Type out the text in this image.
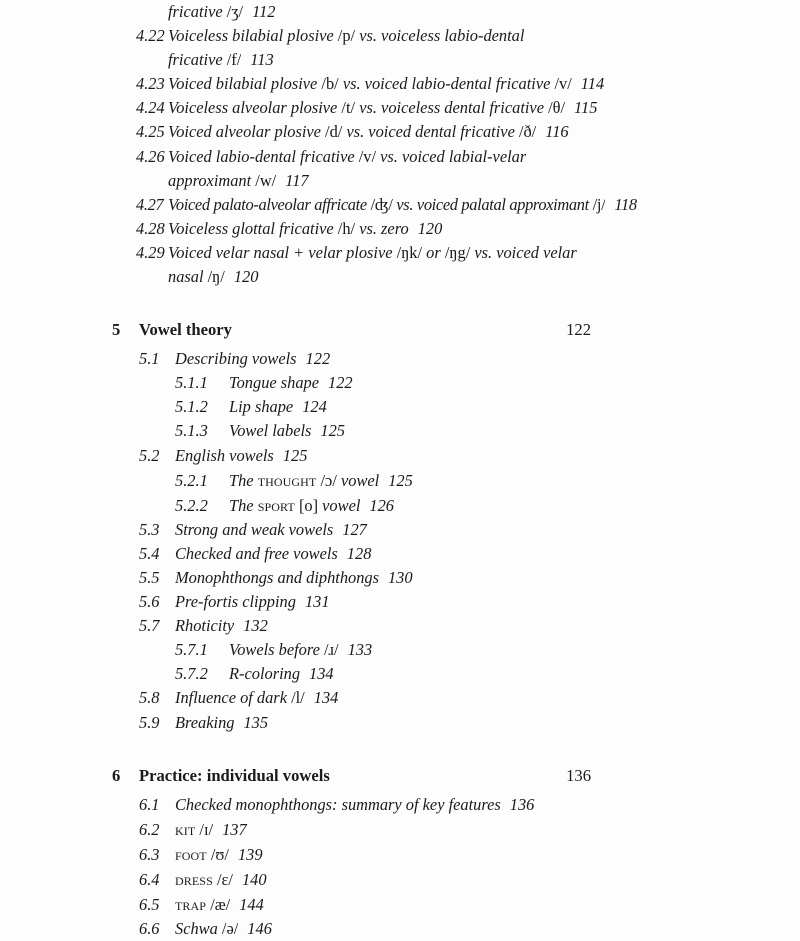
fricative /ʒ/ 112
4.22 Voiceless bilabial plosive /p/ vs. voiceless labio-dental
fricative /f/ 113
4.23 Voiced bilabial plosive /b/ vs. voiced labio-dental fricative /v/ 114
4.24 Voiceless alveolar plosive /t/ vs. voiceless dental fricative /θ/ 115
4.25 Voiced alveolar plosive /d/ vs. voiced dental fricative /ð/ 116
4.26 Voiced labio-dental fricative /v/ vs. voiced labial-velar
approximant /w/ 117
4.27 Voiced palato-alveolar affricate /ʤ/ vs. voiced palatal approximant /j/ 118
4.28 Voiceless glottal fricative /h/ vs. zero 120
4.29 Voiced velar nasal + velar plosive /ŋk/ or /ŋg/ vs. voiced velar
nasal /ŋ/ 120
5	Vowel theory	122
5.1 Describing vowels 122
5.1.1	Tongue shape 122
5.1.2	Lip shape 124
5.1.3	Vowel labels 125
5.2 English vowels 125
5.2.1	The thought /ɔ/ vowel 125
5.2.2	The sport [o] vowel 126
5.3 Strong and weak vowels 127
5.4 Checked and free vowels 128
5.5 Monophthongs and diphthongs 130
5.6 Pre-fortis clipping 131
5.7 Rhoticity 132
5.7.1	Vowels before /ɹ/ 133
5.7.2	R-coloring 134
5.8 Influence of dark /l/ 134
5.9 Breaking 135
6	Practice: individual vowels	136
6.1 Checked monophthongs: summary of key features 136
6.2 kit /ɪ/ 137
6.3 foot /ʊ/ 139
6.4 dress /ɛ/ 140
6.5 trap /æ/ 144
6.6 Schwa /ə/ 146
